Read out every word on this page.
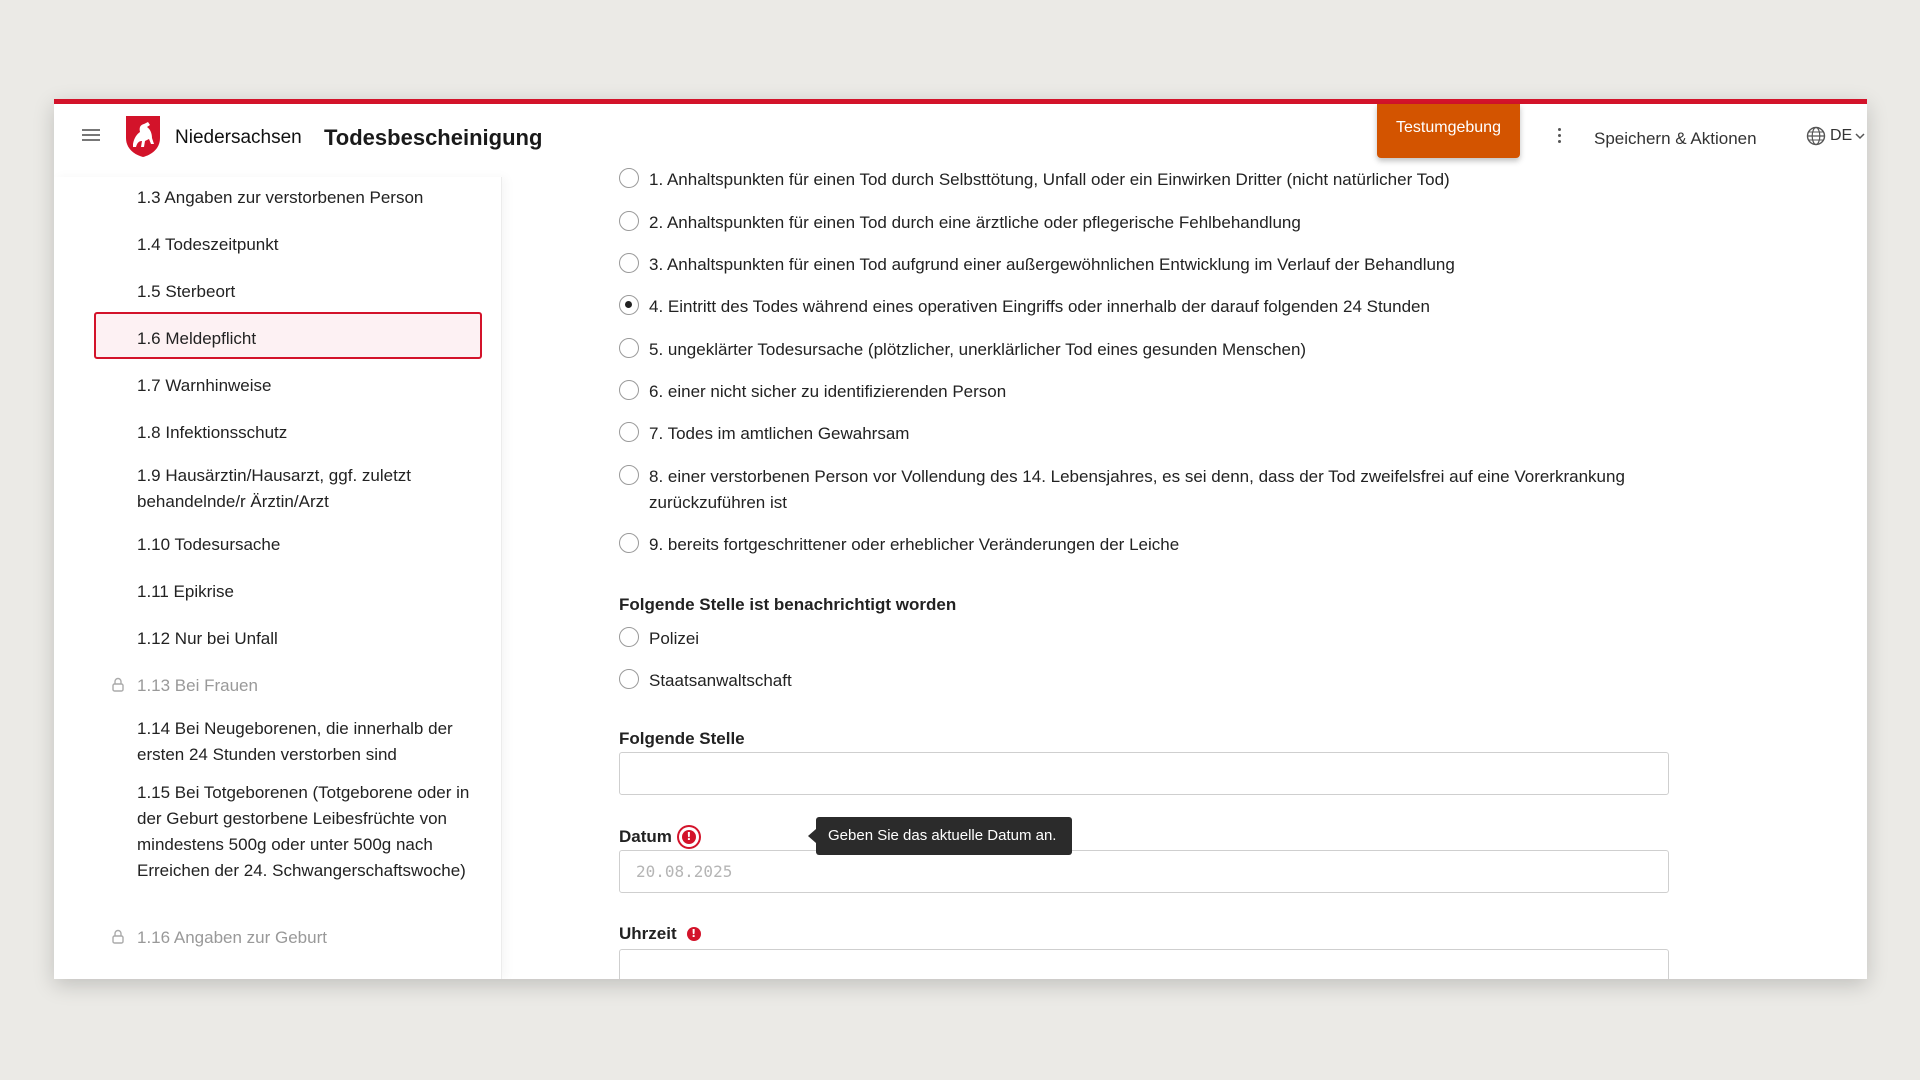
Niedersachsen Todesbescheinigung	Testumgebung
Speichern & Aktionen	DE
1.3 Angaben zur verstorbenen Person
1.4 Todeszeitpunkt
1.5 Sterbeort
1.6 Meldepflicht
1.7 Warnhinweise
1.8 Infektionsschutz
1.9 Hausärztin/Hausarzt, ggf. zuletzt behandelnde/r Ärztin/Arzt
1.10 Todesursache
1.11 Epikrise
1.12 Nur bei Unfall
1.13 Bei Frauen
1.14 Bei Neugeborenen, die innerhalb der ersten 24 Stunden verstorben sind
1.15 Bei Totgeborenen (Totgeborene oder in der Geburt gestorbene Leibesfrüchte von mindestens 500g oder unter 500g nach Erreichen der 24. Schwangerschaftswoche)
1.16 Angaben zur Geburt
1. Anhaltspunkten für einen Tod durch Selbsttötung, Unfall oder ein Einwirken Dritter (nicht natürlicher Tod)
2. Anhaltspunkten für einen Tod durch eine ärztliche oder pflegerische Fehlbehandlung
3. Anhaltspunkten für einen Tod aufgrund einer außergewöhnlichen Entwicklung im Verlauf der Behandlung
4. Eintritt des Todes während eines operativen Eingriffs oder innerhalb der darauf folgenden 24 Stunden
5. ungeklärter Todesursache (plötzlicher, unerklärlicher Tod eines gesunden Menschen)
6. einer nicht sicher zu identifizierenden Person
7. Todes im amtlichen Gewahrsam
8. einer verstorbenen Person vor Vollendung des 14. Lebensjahres, es sei denn, dass der Tod zweifelsfrei auf eine Vorerkrankung zurückzuführen ist
9. bereits fortgeschrittener oder erheblicher Veränderungen der Leiche
Folgende Stelle ist benachrichtigt worden
Polizei
Staatsanwaltschaft
Folgende Stelle
Datum	!
20.08.2025
Uhrzeit	!
Geben Sie das aktuelle Datum an.
